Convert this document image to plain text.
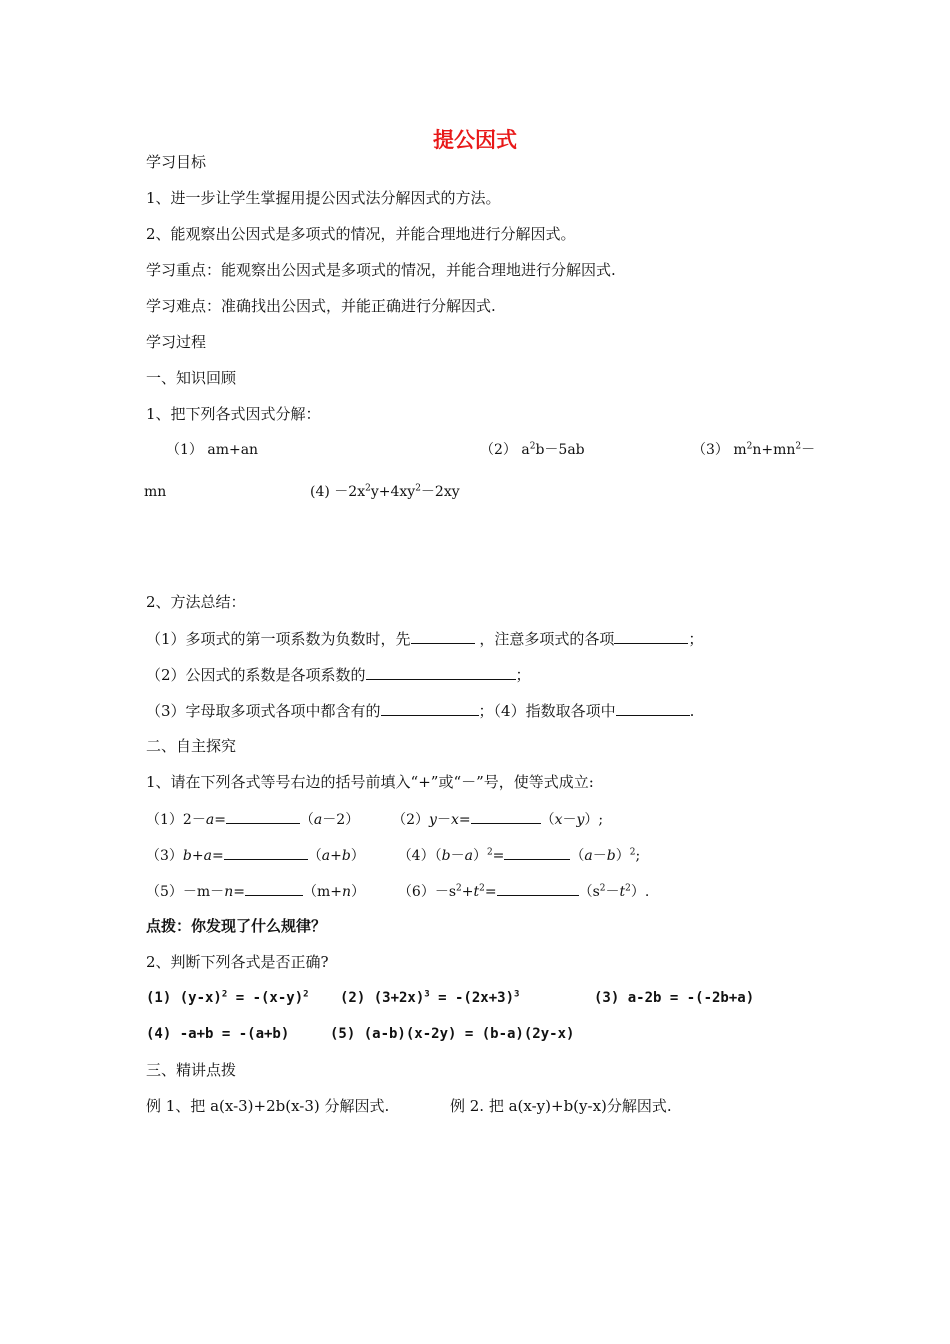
提公因式
学习目标
1、进一步让学生掌握用提公因式法分解因式的方法。
2、能观察出公因式是多项式的情况，并能合理地进行分解因式。
学习重点：能观察出公因式是多项式的情况，并能合理地进行分解因式.
学习难点：准确找出公因式，并能正确进行分解因式.
学习过程
一、知识回顾
1、把下列各式因式分解：
（1） am+an	（2） $a^2b-5ab$	（3） $m^2n+mn^2-$
mn	$(4) -2x^2y+4xy^2-2xy$
2、方法总结：
（1）多项式的第一项系数为负数时，先	，注意多项式的各项	；
（2）公因式的系数是各项系数的	；
（3）字母取多项式各项中都含有的	；（4）指数取各项中	.
二、自主探究
1、请在下列各式等号右边的括号前填入“+”或“－”号，使等式成立:
（1）2－a=	（a－2） （2）y－x=	（x－y）;
（3）b+a=	（a+b） $(4)(b-a)^2=$	$(a-b)^2$;
（5）－m－n=	（m+n） $(6)-s^2+t^2=$	$(s^2-t^2)$.
点拨：你发现了什么规律？
2、判断下列各式是否正确?
(1) $(y-x)^2 = -(x-y)^2$ (2) $(3+2x)^3 = -(2x+3)^3$	(3) a-2b = -(-2b+a)
(4) -a+b = -(a+b)	(5) (a-b)(x-2y) = (b-a)(2y-x)
三、精讲点拨
例 1、把 a(x-3)+2b(x-3) 分解因式.	例 2. 把 a(x-y)+b(y-x)分解因式.
